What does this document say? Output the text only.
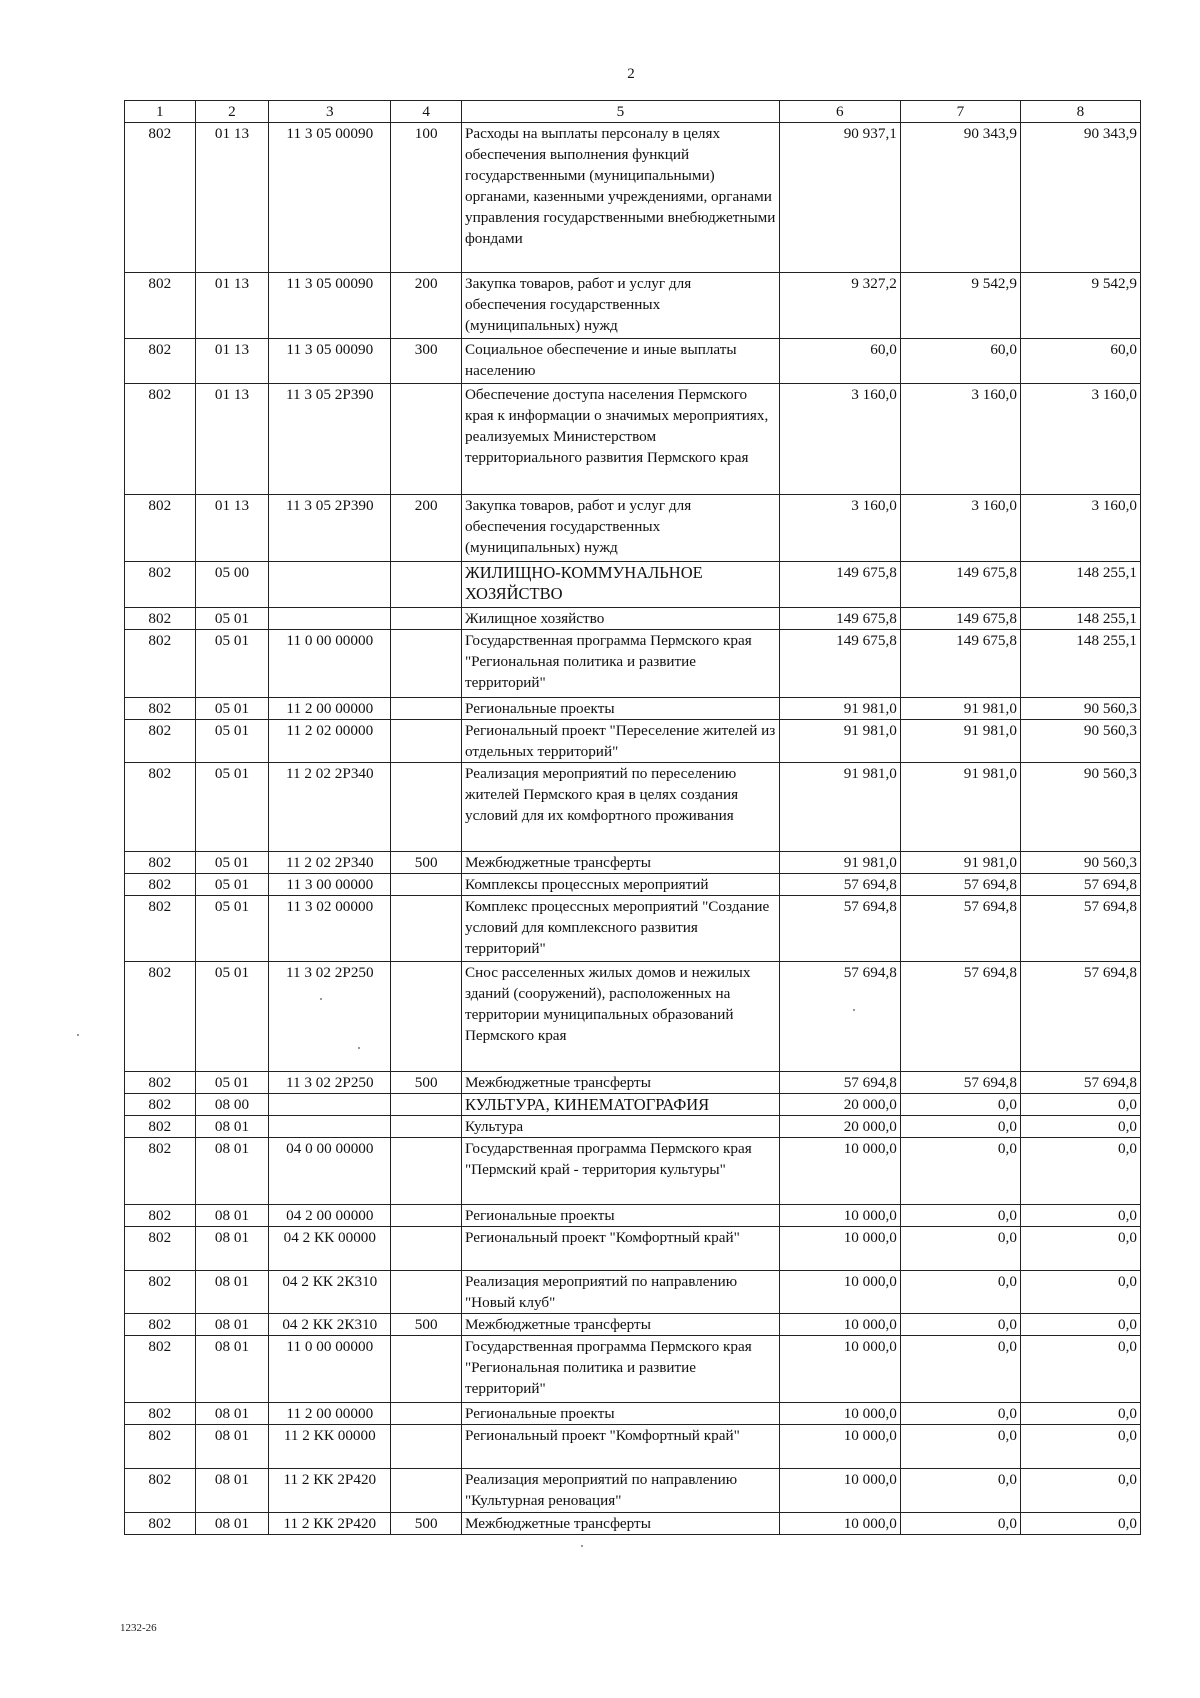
2
1	2	3	4	5	6	7	8
802	01 13	11 3 05 00090	100	Расходы на выплаты персоналу в целях обеспечения выполнения функций государственными (муниципальными) органами, казенными учреждениями, органами управления государственными внебюджетными фондами	90 937,1	90 343,9	90 343,9
802	01 13	11 3 05 00090	200	Закупка товаров, работ и услуг для обеспечения государственных (муниципальных) нужд	9 327,2	9 542,9	9 542,9
802	01 13	11 3 05 00090	300	Социальное обеспечение и иные выплаты населению	60,0	60,0	60,0
802	01 13	11 3 05 2Р390		Обеспечение доступа населения Пермского края к информации о значимых мероприятиях, реализуемых Министерством территориального развития Пермского края	3 160,0	3 160,0	3 160,0
802	01 13	11 3 05 2Р390	200	Закупка товаров, работ и услуг для обеспечения государственных (муниципальных) нужд	3 160,0	3 160,0	3 160,0
802	05 00			ЖИЛИЩНО-КОММУНАЛЬНОЕ ХОЗЯЙСТВО	149 675,8	149 675,8	148 255,1
802	05 01			Жилищное хозяйство	149 675,8	149 675,8	148 255,1
802	05 01	11 0 00 00000		Государственная программа Пермского края "Региональная политика и развитие территорий"	149 675,8	149 675,8	148 255,1
802	05 01	11 2 00 00000		Региональные проекты	91 981,0	91 981,0	90 560,3
802	05 01	11 2 02 00000		Региональный проект "Переселение жителей из отдельных территорий"	91 981,0	91 981,0	90 560,3
802	05 01	11 2 02 2Р340		Реализация мероприятий по переселению жителей Пермского края в целях создания условий для их комфортного проживания	91 981,0	91 981,0	90 560,3
802	05 01	11 2 02 2Р340	500	Межбюджетные трансферты	91 981,0	91 981,0	90 560,3
802	05 01	11 3 00 00000		Комплексы процессных мероприятий	57 694,8	57 694,8	57 694,8
802	05 01	11 3 02 00000		Комплекс процессных мероприятий "Создание условий для комплексного развития территорий"	57 694,8	57 694,8	57 694,8
802	05 01	11 3 02 2Р250		Снос расселенных жилых домов и нежилых зданий (сооружений), расположенных на территории муниципальных образований Пермского края	57 694,8	57 694,8	57 694,8
802	05 01	11 3 02 2Р250	500	Межбюджетные трансферты	57 694,8	57 694,8	57 694,8
802	08 00			КУЛЬТУРА, КИНЕМАТОГРАФИЯ	20 000,0	0,0	0,0
802	08 01			Культура	20 000,0	0,0	0,0
802	08 01	04 0 00 00000		Государственная программа Пермского края "Пермский край - территория культуры"	10 000,0	0,0	0,0
802	08 01	04 2 00 00000		Региональные проекты	10 000,0	0,0	0,0
802	08 01	04 2 КК 00000		Региональный проект "Комфортный край"	10 000,0	0,0	0,0
802	08 01	04 2 КК 2К310		Реализация мероприятий по направлению "Новый клуб"	10 000,0	0,0	0,0
802	08 01	04 2 КК 2К310	500	Межбюджетные трансферты	10 000,0	0,0	0,0
802	08 01	11 0 00 00000		Государственная программа Пермского края "Региональная политика и развитие территорий"	10 000,0	0,0	0,0
802	08 01	11 2 00 00000		Региональные проекты	10 000,0	0,0	0,0
802	08 01	11 2 КК 00000		Региональный проект "Комфортный край"	10 000,0	0,0	0,0
802	08 01	11 2 КК 2Р420		Реализация мероприятий по направлению "Культурная реновация"	10 000,0	0,0	0,0
802	08 01	11 2 КК 2Р420	500	Межбюджетные трансферты	10 000,0	0,0	0,0
1232-26
